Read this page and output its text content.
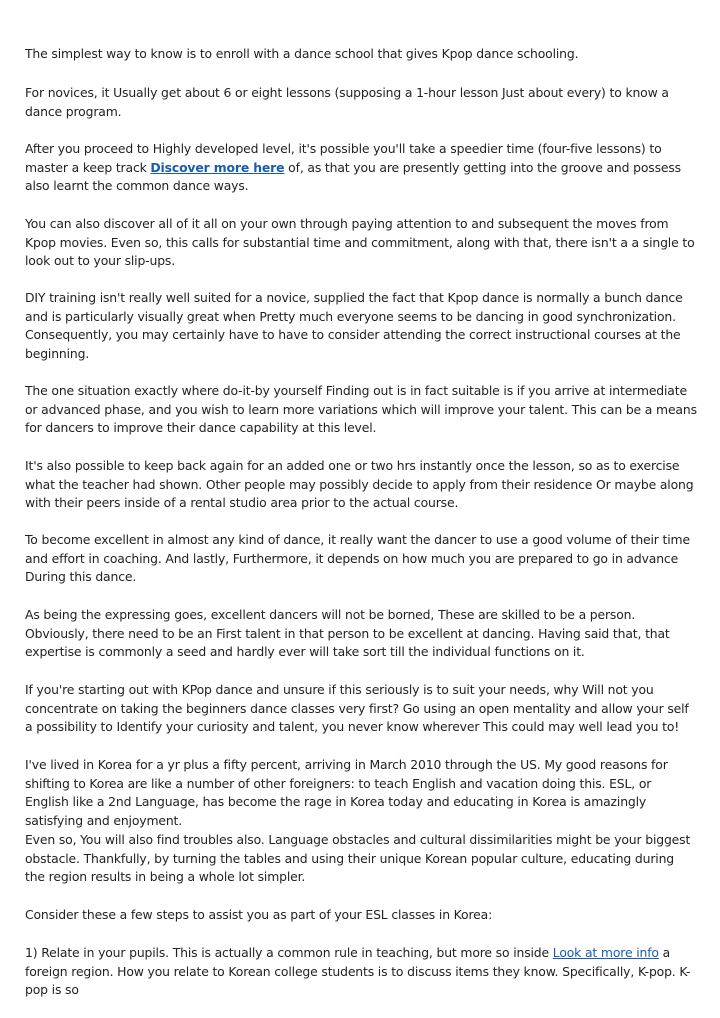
The simplest way to know is to enroll with a dance school that gives Kpop dance schooling.

For novices, it Usually get about 6 or eight lessons (supposing a 1-hour lesson Just about every) to know a dance program.

After you proceed to Highly developed level, it's possible you'll take a speedier time (four-five lessons) to master a keep track Discover more here of, as that you are presently getting into the groove and possess also learnt the common dance ways.

You can also discover all of it all on your own through paying attention to and subsequent the moves from Kpop movies. Even so, this calls for substantial time and commitment, along with that, there isn't a a single to look out to your slip-ups.

DIY training isn't really well suited for a novice, supplied the fact that Kpop dance is normally a bunch dance and is particularly visually great when Pretty much everyone seems to be dancing in good synchronization. Consequently, you may certainly have to have to consider attending the correct instructional courses at the beginning.

The one situation exactly where do-it-by yourself Finding out is in fact suitable is if you arrive at intermediate or advanced phase, and you wish to learn more variations which will improve your talent. This can be a means for dancers to improve their dance capability at this level.

It's also possible to keep back again for an added one or two hrs instantly once the lesson, so as to exercise what the teacher had shown. Other people may possibly decide to apply from their residence Or maybe along with their peers inside of a rental studio area prior to the actual course.

To become excellent in almost any kind of dance, it really want the dancer to use a good volume of their time and effort in coaching. And lastly, Furthermore, it depends on how much you are prepared to go in advance During this dance.

As being the expressing goes, excellent dancers will not be borned, These are skilled to be a person. Obviously, there need to be an First talent in that person to be excellent at dancing. Having said that, that expertise is commonly a seed and hardly ever will take sort till the individual functions on it.

If you're starting out with KPop dance and unsure if this seriously is to suit your needs, why Will not you concentrate on taking the beginners dance classes very first? Go using an open mentality and allow your self a possibility to Identify your curiosity and talent, you never know wherever This could may well lead you to!

I've lived in Korea for a yr plus a fifty percent, arriving in March 2010 through the US. My good reasons for shifting to Korea are like a number of other foreigners: to teach English and vacation doing this. ESL, or English like a 2nd Language, has become the rage in Korea today and educating in Korea is amazingly satisfying and enjoyment.

Even so, You will also find troubles also. Language obstacles and cultural dissimilarities might be your biggest obstacle. Thankfully, by turning the tables and using their unique Korean popular culture, educating during the region results in being a whole lot simpler.

Consider these a few steps to assist you as part of your ESL classes in Korea:

1) Relate in your pupils. This is actually a common rule in teaching, but more so inside Look at more info a foreign region. How you relate to Korean college students is to discuss items they know. Specifically, K-pop. K-pop is so
